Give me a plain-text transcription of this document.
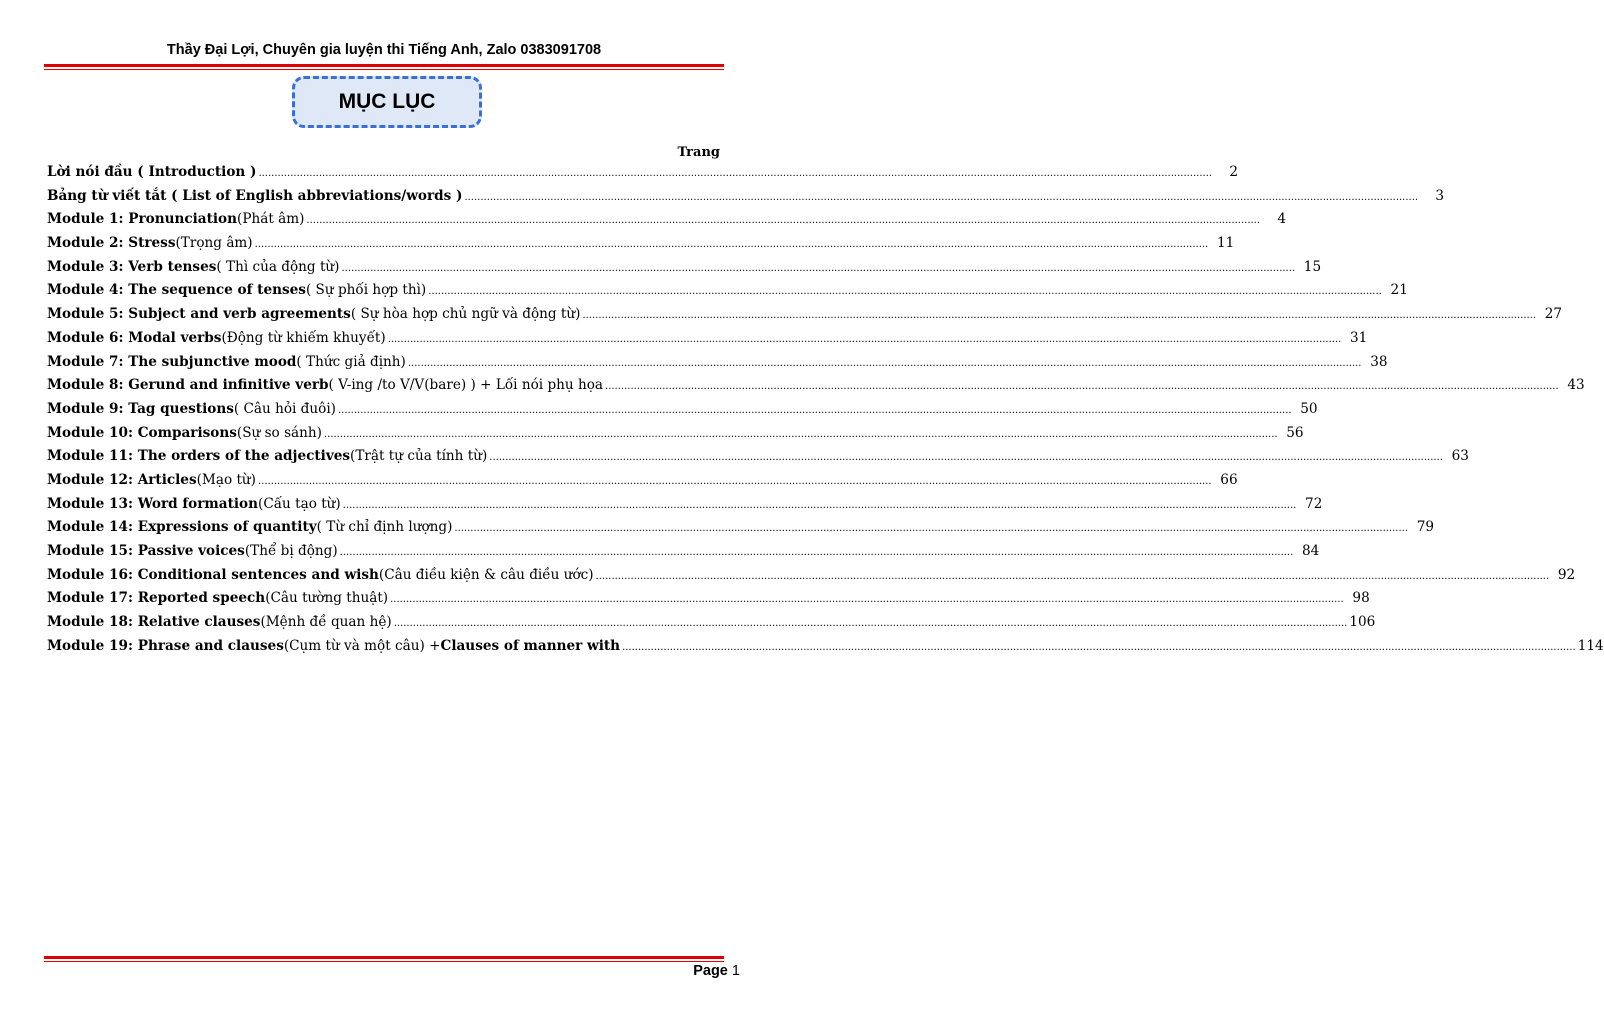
Thầy Đại Lợi, Chuyên gia luyện thi Tiếng Anh, Zalo 0383091708
MỤC LỤC
Trang
Lời nói đầu ( Introduction ) ............................................................................................................................................................................................................................................................................................................	2
Bảng từ viết tắt ( List of English abbreviations/words ) ............................................................................................................................................................................................................................................................................................................	3
Module 1: Pronunciation (Phát âm) ............................................................................................................................................................................................................................................................................................................	4
Module 2: Stress (Trọng âm) ............................................................................................................................................................................................................................................................................................................ 11
Module 3: Verb tenses ( Thì của động từ) ............................................................................................................................................................................................................................................................................................................ 15
Module 4: The sequence of tenses ( Sự phối hợp thì) ............................................................................................................................................................................................................................................................................................................ 21
Module 5: Subject and verb agreements ( Sự hòa hợp chủ ngữ và động từ) ............................................................................................................................................................................................................................................................................................................ 27
Module 6: Modal verbs (Động từ khiếm khuyết) ............................................................................................................................................................................................................................................................................................................ 31
Module 7: The subjunctive mood ( Thức giả định) ............................................................................................................................................................................................................................................................................................................ 38
Module 8: Gerund and infinitive verb ( V-ing /to V/V(bare) ) + Lối nói phụ họa ............................................................................................................................................................................................................................................................................................................ 43
Module 9: Tag questions ( Câu hỏi đuôi) ............................................................................................................................................................................................................................................................................................................ 50
Module 10: Comparisons (Sự so sánh) ............................................................................................................................................................................................................................................................................................................ 56
Module 11: The orders of the adjectives (Trật tự của tính từ) ............................................................................................................................................................................................................................................................................................................ 63
Module 12: Articles (Mạo từ) ............................................................................................................................................................................................................................................................................................................ 66
Module 13: Word formation (Cấu tạo từ) ............................................................................................................................................................................................................................................................................................................ 72
Module 14: Expressions of quantity ( Từ chỉ định lượng) ............................................................................................................................................................................................................................................................................................................ 79
Module 15: Passive voices (Thể bị động) ............................................................................................................................................................................................................................................................................................................ 84
Module 16: Conditional sentences and wish (Câu điều kiện & câu điều ước) ............................................................................................................................................................................................................................................................................................................ 92
Module 17: Reported speech (Câu tường thuật) ............................................................................................................................................................................................................................................................................................................ 98
Module 18: Relative clauses (Mệnh đề quan hệ) ............................................................................................................................................................................................................................................................................................................ 106
Module 19: Phrase and clauses (Cụm từ và một câu) + Clauses of manner with ............................................................................................................................................................................................................................................................................................................ 114
Page 1
